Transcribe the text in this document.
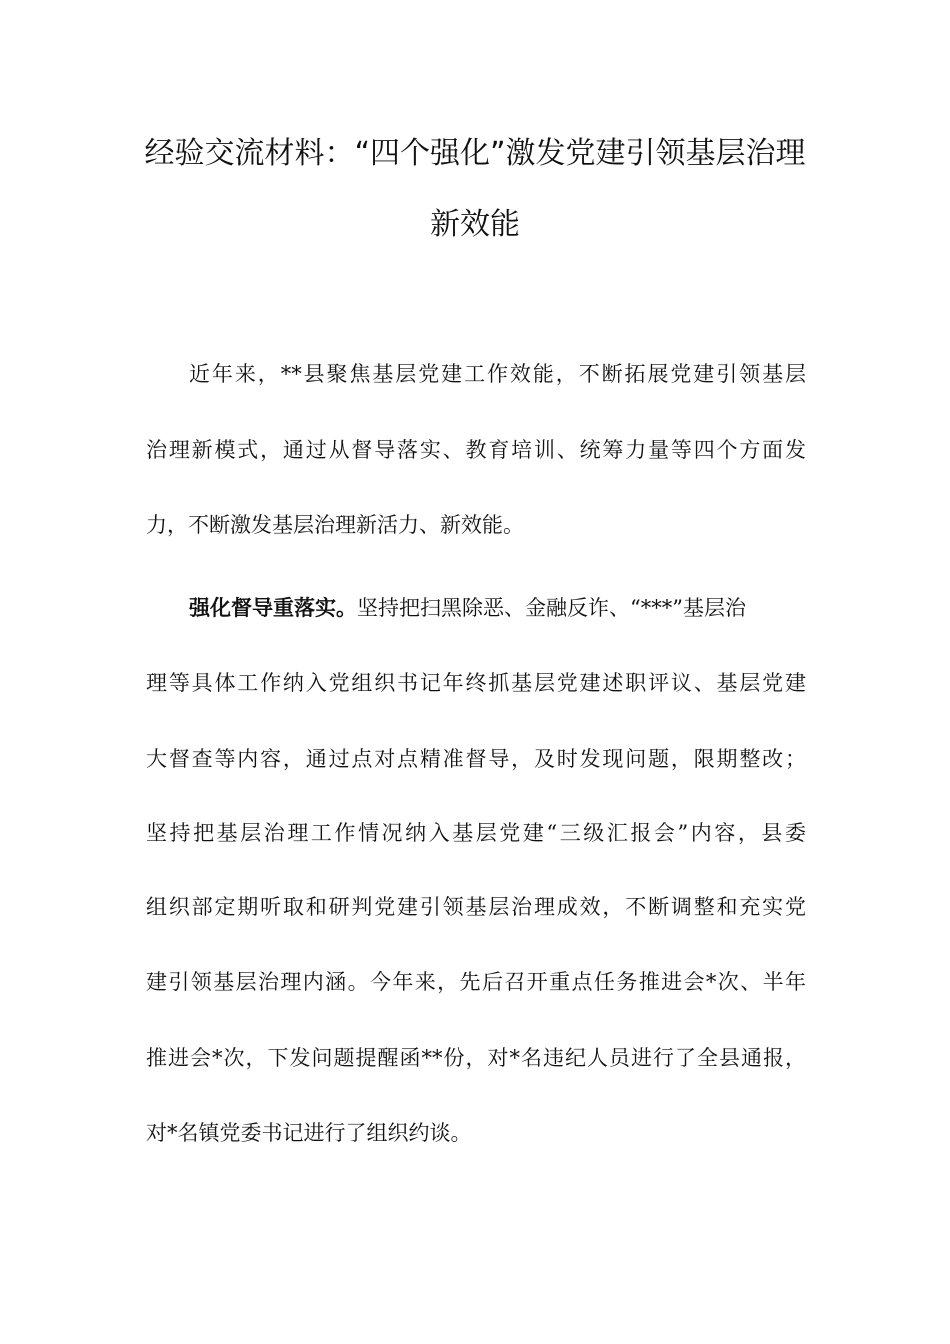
经验交流材料：“四个强化”激发党建引领基层治理
新效能
近年来，**县聚焦基层党建工作效能，不断拓展党建引领基层
治理新模式，通过从督导落实、教育培训、统筹力量等四个方面发
力，不断激发基层治理新活力、新效能。
强化督导重落实。坚持把扫黑除恶、金融反诈、“***”基层治
理等具体工作纳入党组织书记年终抓基层党建述职评议、基层党建
大督查等内容，通过点对点精准督导，及时发现问题，限期整改；
坚持把基层治理工作情况纳入基层党建“三级汇报会”内容，县委
组织部定期听取和研判党建引领基层治理成效，不断调整和充实党
建引领基层治理内涵。今年来，先后召开重点任务推进会*次、半年
推进会*次，下发问题提醒函**份，对*名违纪人员进行了全县通报，
对*名镇党委书记进行了组织约谈。
